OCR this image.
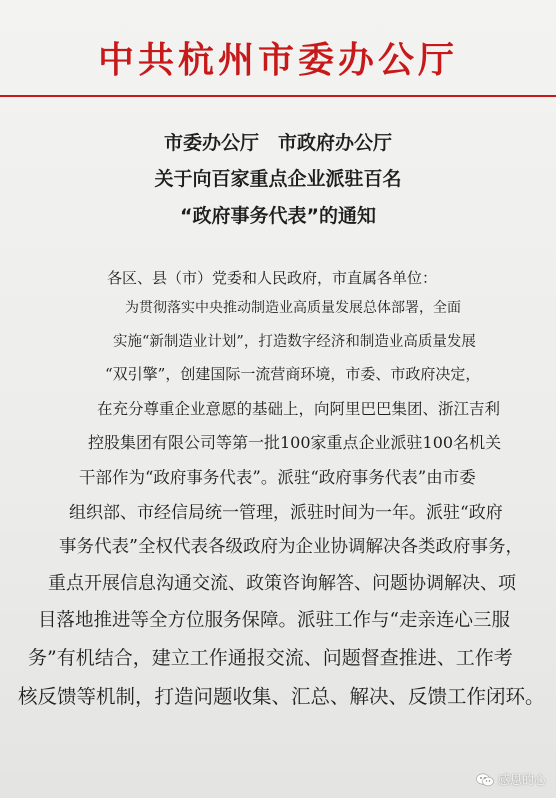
中共杭州市委办公厅
市委办公厅　市政府办公厅
关于向百家重点企业派驻百名
“政府事务代表”的通知
各区、县（市）党委和人民政府，市直属各单位：
为贯彻落实中央推动制造业高质量发展总体部署，全面
实施“新制造业计划”，打造数字经济和制造业高质量发展
“双引擎”，创建国际一流营商环境，市委、市政府决定，
在充分尊重企业意愿的基础上，向阿里巴巴集团、浙江吉利
控股集团有限公司等第一批100家重点企业派驻100名机关
干部作为“政府事务代表”。派驻“政府事务代表”由市委
组织部、市经信局统一管理，派驻时间为一年。派驻“政府
事务代表”全权代表各级政府为企业协调解决各类政府事务，
重点开展信息沟通交流、政策咨询解答、问题协调解决、项
目落地推进等全方位服务保障。派驻工作与“走亲连心三服
务”有机结合，建立工作通报交流、问题督查推进、工作考
核反馈等机制，打造问题收集、汇总、解决、反馈工作闭环。
感恩的心
